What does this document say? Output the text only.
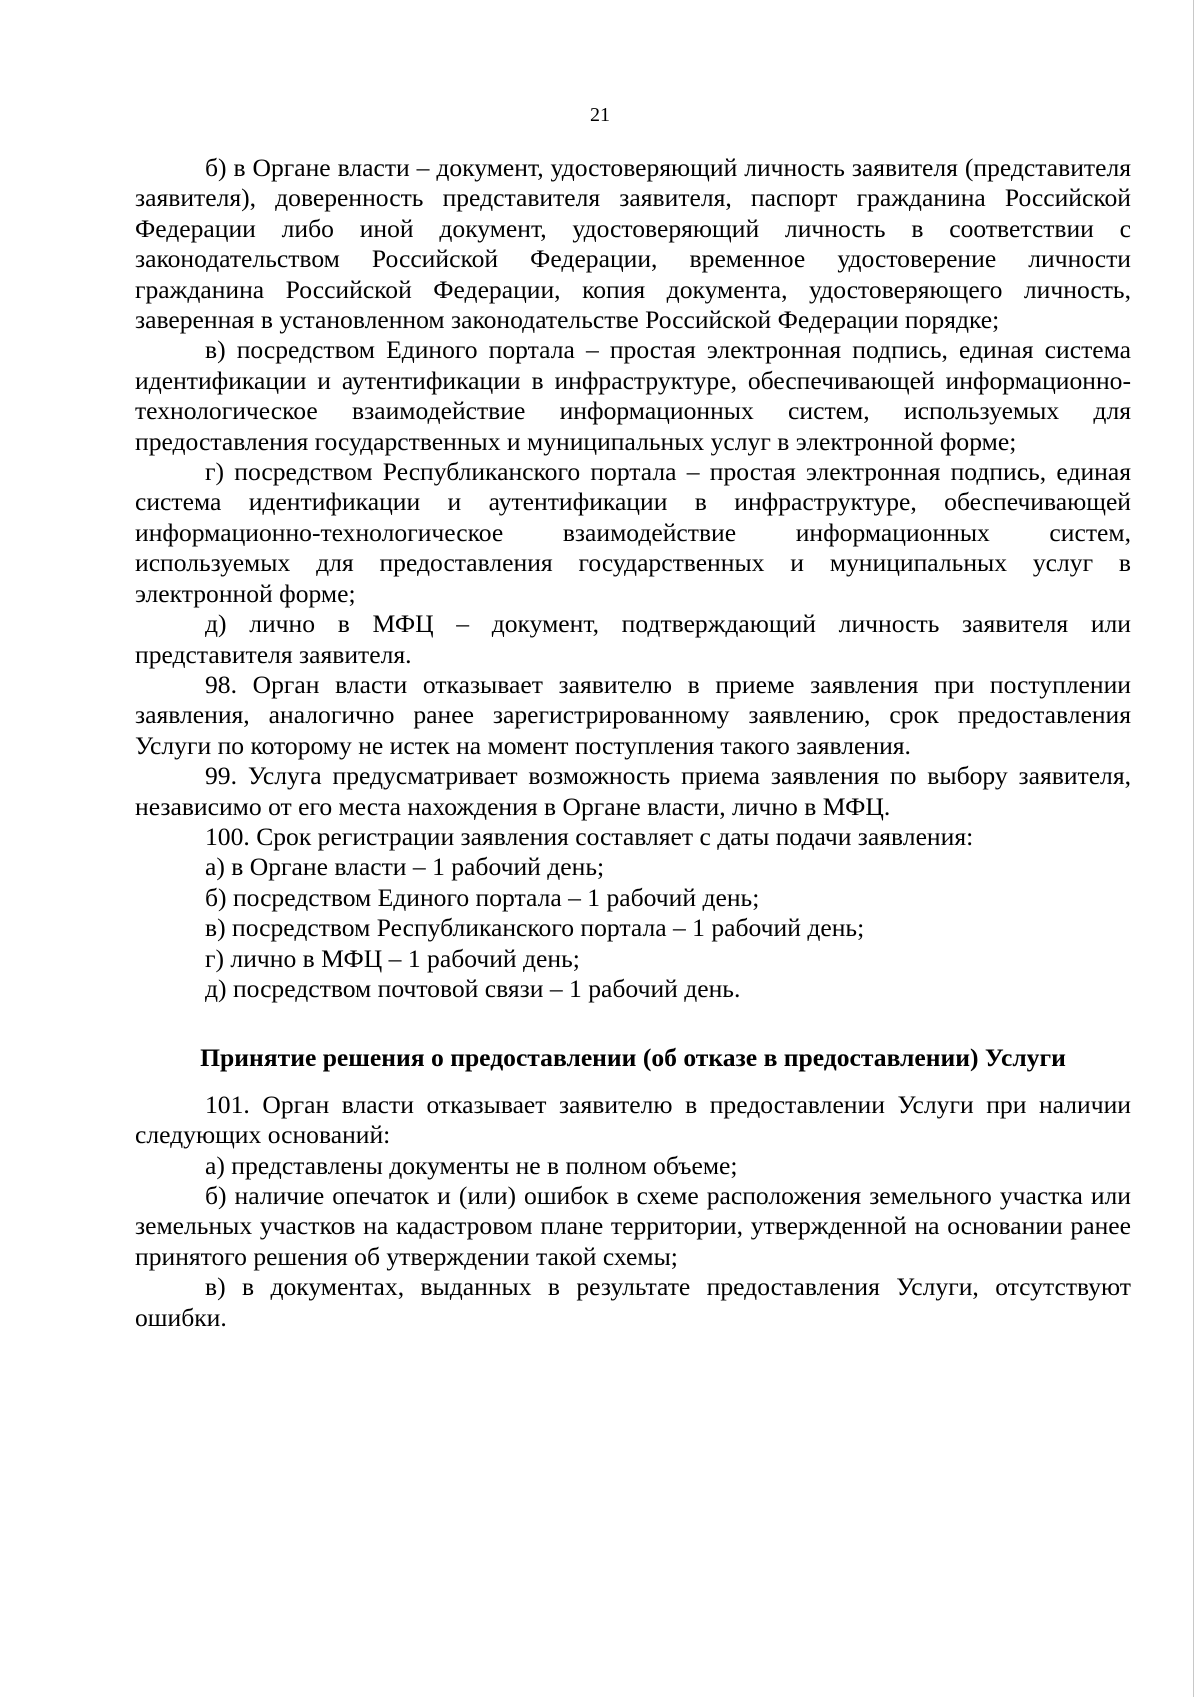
21

б) в Органе власти – документ, удостоверяющий личность заявителя (представителя заявителя), доверенность представителя заявителя, паспорт гражданина Российской Федерации либо иной документ, удостоверяющий личность в соответствии с законодательством Российской Федерации, временное удостоверение личности гражданина Российской Федерации, копия документа, удостоверяющего личность, заверенная в установленном законодательстве Российской Федерации порядке;

в) посредством Единого портала – простая электронная подпись, единая система идентификации и аутентификации в инфраструктуре, обеспечивающей информационно-технологическое взаимодействие информационных систем, используемых для предоставления государственных и муниципальных услуг в электронной форме;

г) посредством Республиканского портала – простая электронная подпись, единая система идентификации и аутентификации в инфраструктуре, обеспечивающей информационно-технологическое взаимодействие информационных систем, используемых для предоставления государственных и муниципальных услуг в электронной форме;

д) лично в МФЦ – документ, подтверждающий личность заявителя или представителя заявителя.

98. Орган власти отказывает заявителю в приеме заявления при поступлении заявления, аналогично ранее зарегистрированному заявлению, срок предоставления Услуги по которому не истек на момент поступления такого заявления.

99. Услуга предусматривает возможность приема заявления по выбору заявителя, независимо от его места нахождения в Органе власти, лично в МФЦ.

100. Срок регистрации заявления составляет с даты подачи заявления:

а) в Органе власти – 1 рабочий день;

б) посредством Единого портала – 1 рабочий день;

в) посредством Республиканского портала – 1 рабочий день;

г) лично в МФЦ – 1 рабочий день;

д) посредством почтовой связи – 1 рабочий день.

Принятие решения о предоставлении (об отказе в предоставлении) Услуги

101. Орган власти отказывает заявителю в предоставлении Услуги при наличии следующих оснований:

а) представлены документы не в полном объеме;

б) наличие опечаток и (или) ошибок в схеме расположения земельного участка или земельных участков на кадастровом плане территории, утвержденной на основании ранее принятого решения об утверждении такой схемы;

в) в документах, выданных в результате предоставления Услуги, отсутствуют ошибки.
